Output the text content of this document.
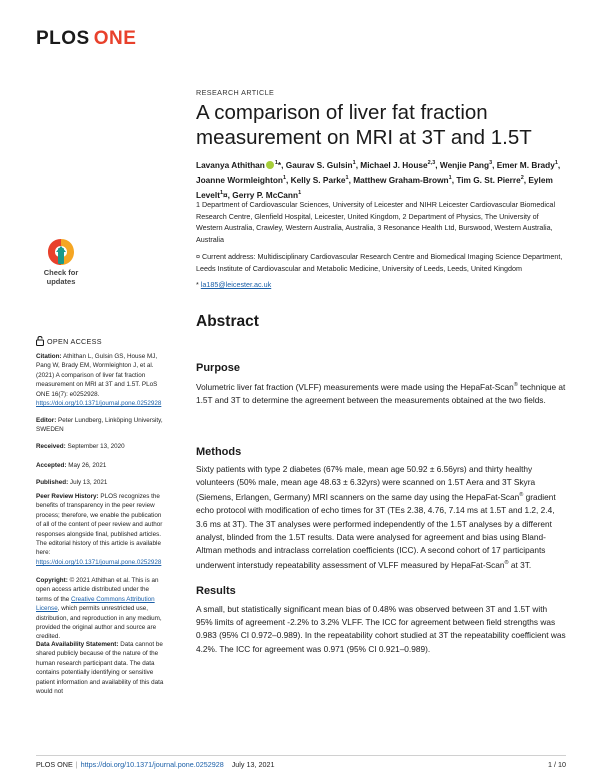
PLOS ONE
RESEARCH ARTICLE
A comparison of liver fat fraction measurement on MRI at 3T and 1.5T
Lavanya Athithan $^1$*, Gaurav S. Gulsin$^1$, Michael J. House$^{2,3}$, Wenjie Pang$^3$, Emer M. Brady$^1$, Joanne Wormleighton$^1$, Kelly S. Parke$^1$, Matthew Graham-Brown$^1$, Tim G. St. Pierre$^2$, Eylem Levelt$^1$¤, Gerry P. McCann$^1$
1 Department of Cardiovascular Sciences, University of Leicester and NIHR Leicester Cardiovascular Biomedical Research Centre, Glenfield Hospital, Leicester, United Kingdom, 2 Department of Physics, The University of Western Australia, Crawley, Western Australia, Australia, 3 Resonance Health Ltd, Burswood, Western Australia, Australia
¤ Current address: Multidisciplinary Cardiovascular Research Centre and Biomedical Imaging Science Department, Leeds Institute of Cardiovascular and Metabolic Medicine, University of Leeds, Leeds, United Kingdom
* la185@leicester.ac.uk
Check for
updates
Abstract
Purpose

Volumetric liver fat fraction (VLFF) measurements were made using the HepaFat-Scan® technique at 1.5T and 3T to determine the agreement between the measurements obtained at the two fields.

Methods

Sixty patients with type 2 diabetes (67% male, mean age 50.92 ± 6.56yrs) and thirty healthy volunteers (50% male, mean age 48.63 ± 6.32yrs) were scanned on 1.5T Aera and 3T Skyra (Siemens, Erlangen, Germany) MRI scanners on the same day using the HepaFat-Scan® gradient echo protocol with modification of echo times for 3T (TEs 2.38, 4.76, 7.14 ms at 1.5T and 1.2, 2.4, 3.6 ms at 3T). The 3T analyses were performed independently of the 1.5T analyses by a different analyst, blinded from the 1.5T results. Data were analysed for agreement and bias using Bland-Altman methods and intraclass correlation coefficients (ICC). A second cohort of 17 participants underwent interstudy repeatability assessment of VLFF measured by HepaFat-Scan® at 3T.

Results

A small, but statistically significant mean bias of 0.48% was observed between 3T and 1.5T with 95% limits of agreement -2.2% to 3.2% VLFF. The ICC for agreement between field strengths was 0.983 (95% CI 0.972–0.989). In the repeatability cohort studied at 3T the repeatability coefficient was 4.2%. The ICC for agreement was 0.971 (95% CI 0.921–0.989).

OPEN ACCESS
Citation: Athithan L, Gulsin GS, House MJ, Pang W, Brady EM, Wormleighton J, et al. (2021) A comparison of liver fat fraction measurement on MRI at 3T and 1.5T. PLoS ONE 16(7): e0252928. https://doi.org/10.1371/journal.pone.0252928
Editor: Peter Lundberg, Linköping University, SWEDEN
Received: September 13, 2020
Accepted: May 26, 2021
Published: July 13, 2021
Peer Review History: PLOS recognizes the benefits of transparency in the peer review process; therefore, we enable the publication of all of the content of peer review and author responses alongside final, published articles. The editorial history of this article is available here: https://doi.org/10.1371/journal.pone.0252928
Copyright: © 2021 Athithan et al. This is an open access article distributed under the terms of the Creative Commons Attribution License, which permits unrestricted use, distribution, and reproduction in any medium, provided the original author and source are credited.
Data Availability Statement: Data cannot be shared publicly because of the nature of the human research participant data. The data contains potentially identifying or sensitive patient information and availability of this data would not
PLOS ONE | https://doi.org/10.1371/journal.pone.0252928 July 13, 2021	1 / 10
